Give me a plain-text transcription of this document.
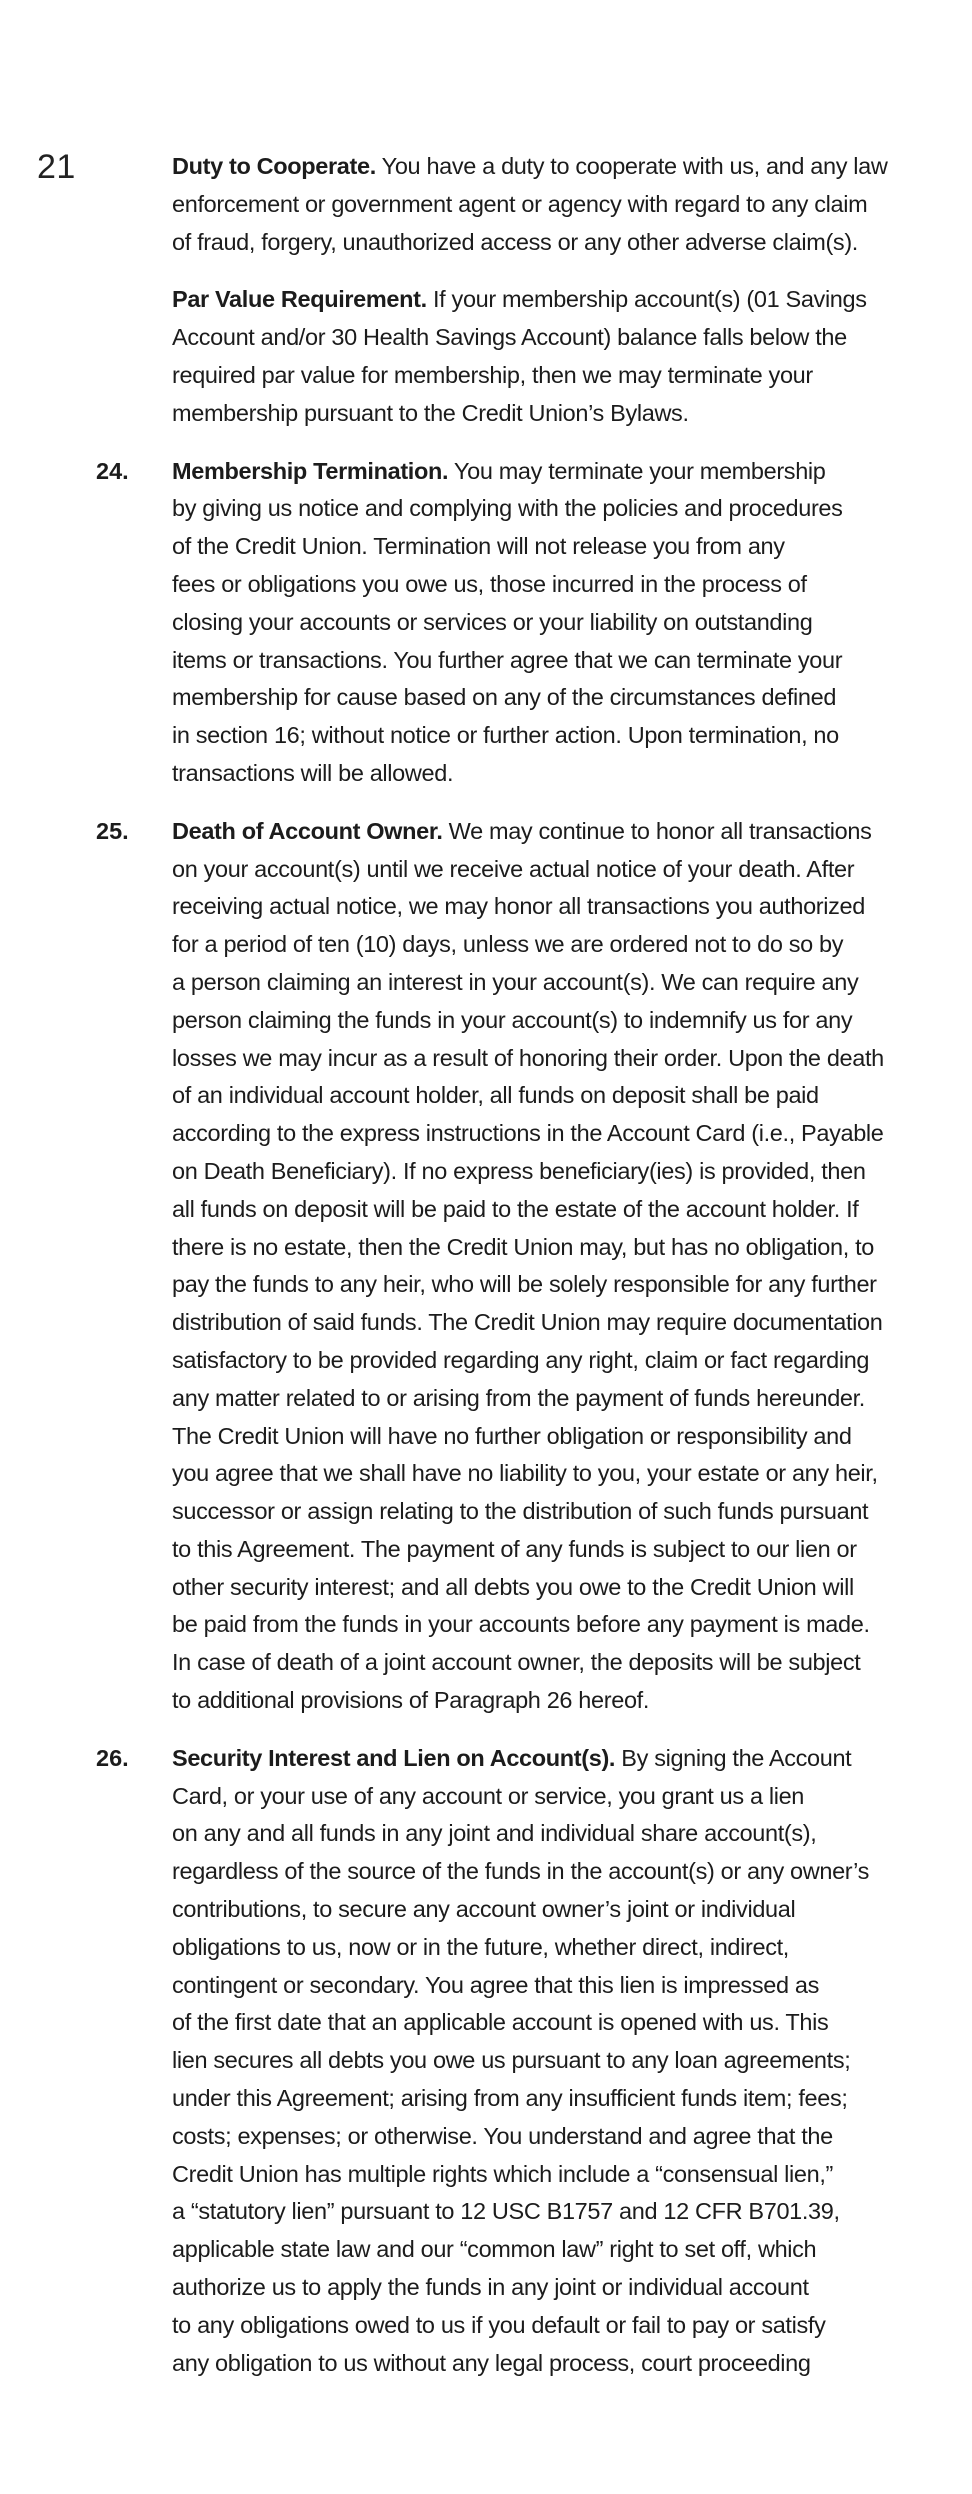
21	Duty to Cooperate. You have a duty to cooperate with us, and any law
enforcement or government agent or agency with regard to any claim
of fraud, forgery, unauthorized access or any other adverse claim(s).
Par Value Requirement. If your membership account(s) (01 Savings
Account and/or 30 Health Savings Account) balance falls below the
required par value for membership, then we may terminate your
membership pursuant to the Credit Union’s Bylaws.
24.	Membership Termination. You may terminate your membership
by giving us notice and complying with the policies and procedures
of the Credit Union. Termination will not release you from any
fees or obligations you owe us, those incurred in the process of
closing your accounts or services or your liability on outstanding
items or transactions. You further agree that we can terminate your
membership for cause based on any of the circumstances defined
in section 16; without notice or further action. Upon termination, no
transactions will be allowed.
25.	Death of Account Owner. We may continue to honor all transactions
on your account(s) until we receive actual notice of your death. After
receiving actual notice, we may honor all transactions you authorized
for a period of ten (10) days, unless we are ordered not to do so by
a person claiming an interest in your account(s). We can require any
person claiming the funds in your account(s) to indemnify us for any
losses we may incur as a result of honoring their order. Upon the death
of an individual account holder, all funds on deposit shall be paid
according to the express instructions in the Account Card (i.e., Payable
on Death Beneficiary). If no express beneficiary(ies) is provided, then
all funds on deposit will be paid to the estate of the account holder. If
there is no estate, then the Credit Union may, but has no obligation, to
pay the funds to any heir, who will be solely responsible for any further
distribution of said funds. The Credit Union may require documentation
satisfactory to be provided regarding any right, claim or fact regarding
any matter related to or arising from the payment of funds hereunder.
The Credit Union will have no further obligation or responsibility and
you agree that we shall have no liability to you, your estate or any heir,
successor or assign relating to the distribution of such funds pursuant
to this Agreement. The payment of any funds is subject to our lien or
other security interest; and all debts you owe to the Credit Union will
be paid from the funds in your accounts before any payment is made.
In case of death of a joint account owner, the deposits will be subject
to additional provisions of Paragraph 26 hereof.
26.	Security Interest and Lien on Account(s). By signing the Account
Card, or your use of any account or service, you grant us a lien
on any and all funds in any joint and individual share account(s),
regardless of the source of the funds in the account(s) or any owner’s
contributions, to secure any account owner’s joint or individual
obligations to us, now or in the future, whether direct, indirect,
contingent or secondary. You agree that this lien is impressed as
of the first date that an applicable account is opened with us. This
lien secures all debts you owe us pursuant to any loan agreements;
under this Agreement; arising from any insufficient funds item; fees;
costs; expenses; or otherwise. You understand and agree that the
Credit Union has multiple rights which include a “consensual lien,”
a “statutory lien” pursuant to 12 USC B1757 and 12 CFR B701.39,
applicable state law and our “common law” right to set off, which
authorize us to apply the funds in any joint or individual account
to any obligations owed to us if you default or fail to pay or satisfy
any obligation to us without any legal process, court proceeding
